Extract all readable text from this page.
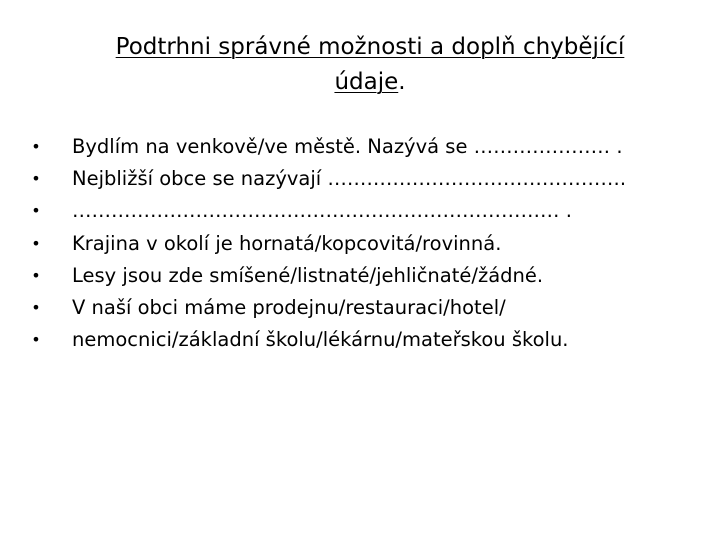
Podtrhni správné možnosti a doplň chybějící
údaje.
• Bydlím na venkově/ve městě. Nazývá se ………………… .
• Nejbližší obce se nazývají ……………………………………….
• ………………………………………………………………… .
• Krajina v okolí je hornatá/kopcovitá/rovinná.
• Lesy jsou zde smíšené/listnaté/jehličnaté/žádné.
• V naší obci máme prodejnu/restauraci/hotel/
• nemocnici/základní školu/lékárnu/mateřskou školu.
